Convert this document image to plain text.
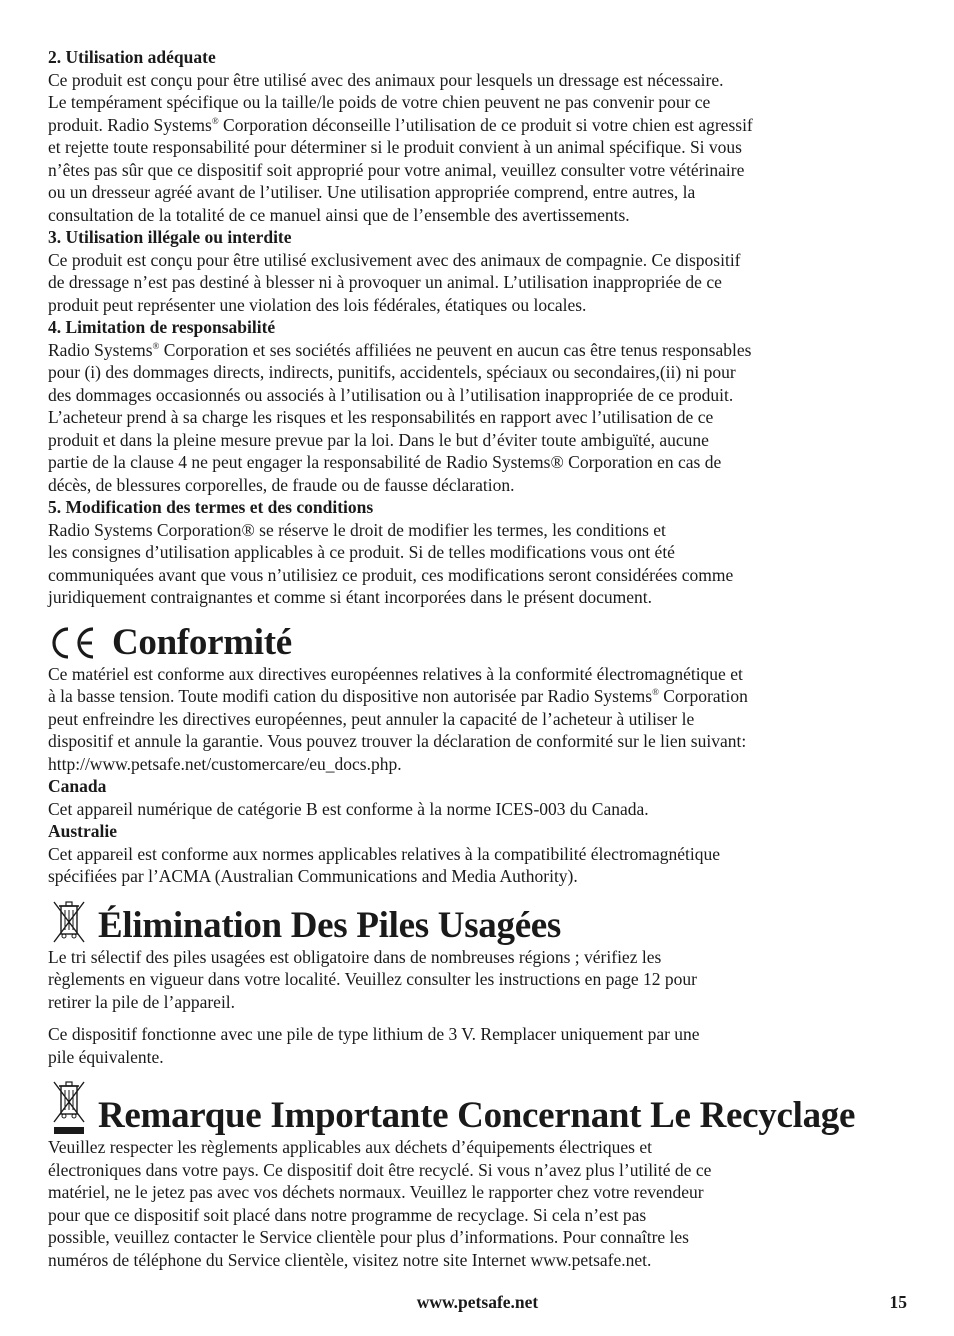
2. Utilisation adéquate
Ce produit est conçu pour être utilisé avec des animaux pour lesquels un dressage est nécessaire.
Le tempérament spécifique ou la taille/le poids de votre chien peuvent ne pas convenir pour ce
produit. Radio Systems® Corporation déconseille l’utilisation de ce produit si votre chien est agressif
et rejette toute responsabilité pour déterminer si le produit convient à un animal spécifique. Si vous
n’êtes pas sûr que ce dispositif soit approprié pour votre animal, veuillez consulter votre vétérinaire
ou un dresseur agréé avant de l’utiliser. Une utilisation appropriée comprend, entre autres, la
consultation de la totalité de ce manuel ainsi que de l’ensemble des avertissements.
3. Utilisation illégale ou interdite
Ce produit est conçu pour être utilisé exclusivement avec des animaux de compagnie. Ce dispositif
de dressage n’est pas destiné à blesser ni à provoquer un animal. L’utilisation inappropriée de ce
produit peut représenter une violation des lois fédérales, étatiques ou locales.
4. Limitation de responsabilité
Radio Systems® Corporation et ses sociétés affiliées ne peuvent en aucun cas être tenus responsables
pour (i) des dommages directs, indirects, punitifs, accidentels, spéciaux ou secondaires,(ii) ni pour
des dommages occasionnés ou associés à l’utilisation ou à l’utilisation inappropriée de ce produit.
L’acheteur prend à sa charge les risques et les responsabilités en rapport avec l’utilisation de ce
produit et dans la pleine mesure prevue par la loi. Dans le but d’éviter toute ambiguïté, aucune
partie de la clause 4 ne peut engager la responsabilité de Radio Systems® Corporation en cas de
décès, de blessures corporelles, de fraude ou de fausse déclaration.
5. Modification des termes et des conditions
Radio Systems Corporation® se réserve le droit de modifier les termes, les conditions et
les consignes d’utilisation applicables à ce produit. Si de telles modifications vous ont été
communiquées avant que vous n’utilisiez ce produit, ces modifications seront considérées comme
juridiquement contraignantes et comme si étant incorporées dans le présent document.
Conformité
Ce matériel est conforme aux directives européennes relatives à la conformité électromagnétique et
à la basse tension. Toute modifi cation du dispositive non autorisée par Radio Systems® Corporation
peut enfreindre les directives européennes, peut annuler la capacité de l’acheteur à utiliser le
dispositif et annule la garantie. Vous pouvez trouver la déclaration de conformité sur le lien suivant:
http://www.petsafe.net/customercare/eu_docs.php.
Canada
Cet appareil numérique de catégorie B est conforme à la norme ICES-003 du Canada.
Australie
Cet appareil est conforme aux normes applicables relatives à la compatibilité électromagnétique
spécifiées par l’ACMA (Australian Communications and Media Authority).
Élimination Des Piles Usagées
Le tri sélectif des piles usagées est obligatoire dans de nombreuses régions ; vérifiez les
règlements en vigueur dans votre localité. Veuillez consulter les instructions en page 12 pour
retirer la pile de l’appareil.
Ce dispositif fonctionne avec une pile de type lithium de 3 V. Remplacer uniquement par une
pile équivalente.
Remarque Importante Concernant Le Recyclage
Veuillez respecter les règlements applicables aux déchets d’équipements électriques et
électroniques dans votre pays. Ce dispositif doit être recyclé. Si vous n’avez plus l’utilité de ce
matériel, ne le jetez pas avec vos déchets normaux. Veuillez le rapporter chez votre revendeur
pour que ce dispositif soit placé dans notre programme de recyclage. Si cela n’est pas
possible, veuillez contacter le Service clientèle pour plus d’informations. Pour connaître les
numéros de téléphone du Service clientèle, visitez notre site Internet www.petsafe.net.
www.petsafe.net	15
